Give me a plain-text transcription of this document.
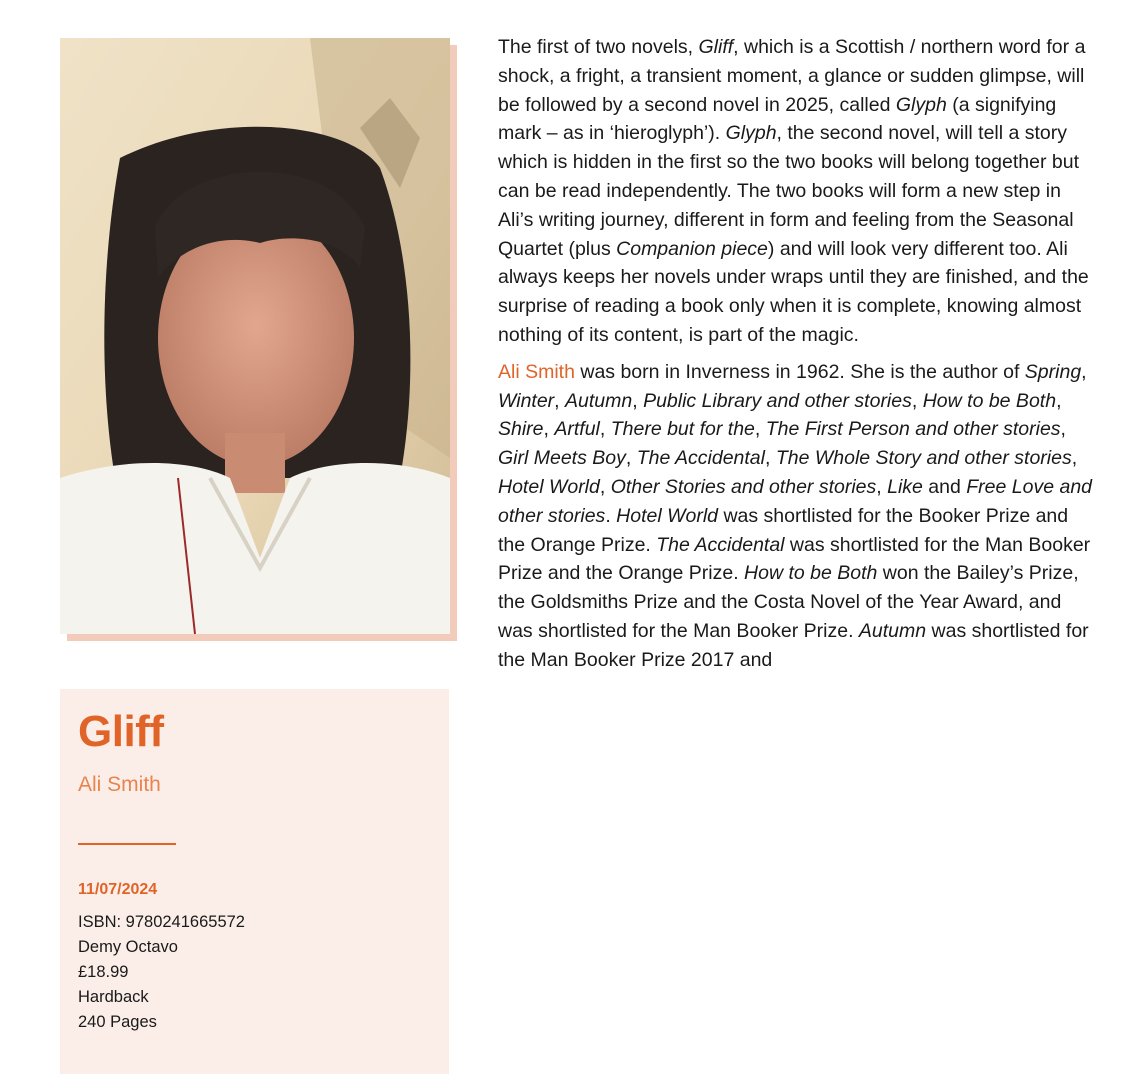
Gliff
Ali Smith
11/07/2024
ISBN: 9780241665572
Demy Octavo
£18.99
Hardback
240 Pages

The first of two novels, Gliff, which is a Scottish / northern word for a shock, a fright, a transient moment, a glance or sudden glimpse, will be followed by a second novel in 2025, called Glyph (a signifying mark – as in ‘hieroglyph’). Glyph, the second novel, will tell a story which is hidden in the first so the two books will belong together but can be read independently. The two books will form a new step in Ali’s writing journey, different in form and feeling from the Seasonal Quartet (plus Companion piece) and will look very different too. Ali always keeps her novels under wraps until they are finished, and the surprise of reading a book only when it is complete, knowing almost nothing of its content, is part of the magic.

Ali Smith was born in Inverness in 1962. She is the author of Spring, Winter, Autumn, Public Library and other stories, How to be Both, Shire, Artful, There but for the, The First Person and other stories, Girl Meets Boy, The Accidental, The Whole Story and other stories, Hotel World, Other Stories and other stories, Like and Free Love and other stories. Hotel World was shortlisted for the Booker Prize and the Orange Prize. The Accidental was shortlisted for the Man Booker Prize and the Orange Prize. How to be Both won the Bailey’s Prize, the Goldsmiths Prize and the Costa Novel of the Year Award, and was shortlisted for the Man Booker Prize. Autumn was shortlisted for the Man Booker Prize 2017 and
